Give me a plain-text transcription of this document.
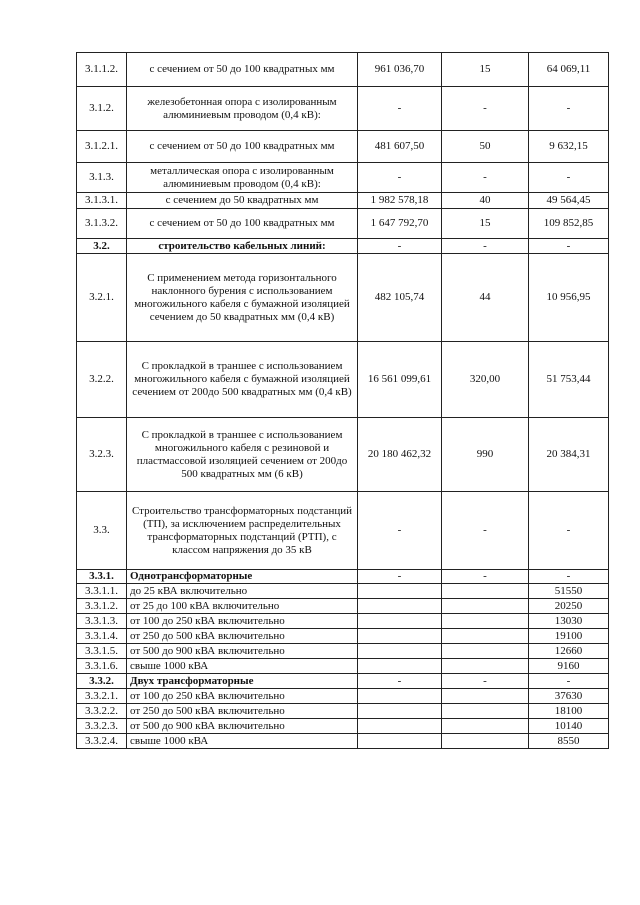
3.1.1.2.	с сечением от 50 до 100 квадратных мм	961 036,70	15	64 069,11
3.1.2.	железобетонная опора с изолированным алюминиевым проводом (0,4 кВ):	-	-	-
3.1.2.1.	с сечением от 50 до 100 квадратных мм	481 607,50	50	9 632,15
3.1.3.	металлическая опора с изолированным алюминиевым проводом (0,4 кВ):	-	-	-
3.1.3.1.	с сечением до 50 квадратных мм	1 982 578,18	40	49 564,45
3.1.3.2.	с сечением от 50 до 100 квадратных мм	1 647 792,70	15	109 852,85
3.2.	строительство кабельных линий:	-	-	-
3.2.1.	С применением метода горизонтального наклонного бурения с использованием многожильного кабеля с бумажной изоляцией сечением до 50 квадратных мм (0,4 кВ)	482 105,74	44	10 956,95
3.2.2.	С прокладкой в траншее с использованием многожильного кабеля с бумажной изоляцией сечением от 200до 500 квадратных мм (0,4 кВ)	16 561 099,61	320,00	51 753,44
3.2.3.	С прокладкой в траншее с использованием многожильного кабеля с резиновой и пластмассовой изоляцией сечением от 200до 500 квадратных мм (6 кВ)	20 180 462,32	990	20 384,31
3.3.	Строительство трансформаторных подстанций (ТП), за исключением распределительных трансформаторных подстанций (РТП), с классом напряжения до 35 кВ	-	-	-
3.3.1.	Однотрансформаторные	-	-	-
3.3.1.1.	до 25 кВА включительно			51550
3.3.1.2.	от 25 до 100 кВА включительно			20250
3.3.1.3.	от 100 до 250 кВА включительно			13030
3.3.1.4.	от 250 до 500 кВА включительно			19100
3.3.1.5.	от 500 до 900 кВА включительно			12660
3.3.1.6.	свыше 1000 кВА			9160
3.3.2.	Двух трансформаторные	-	-	-
3.3.2.1.	от 100 до 250 кВА включительно			37630
3.3.2.2.	от 250 до 500 кВА включительно			18100
3.3.2.3.	от 500 до 900 кВА включительно			10140
3.3.2.4.	свыше 1000 кВА			8550
